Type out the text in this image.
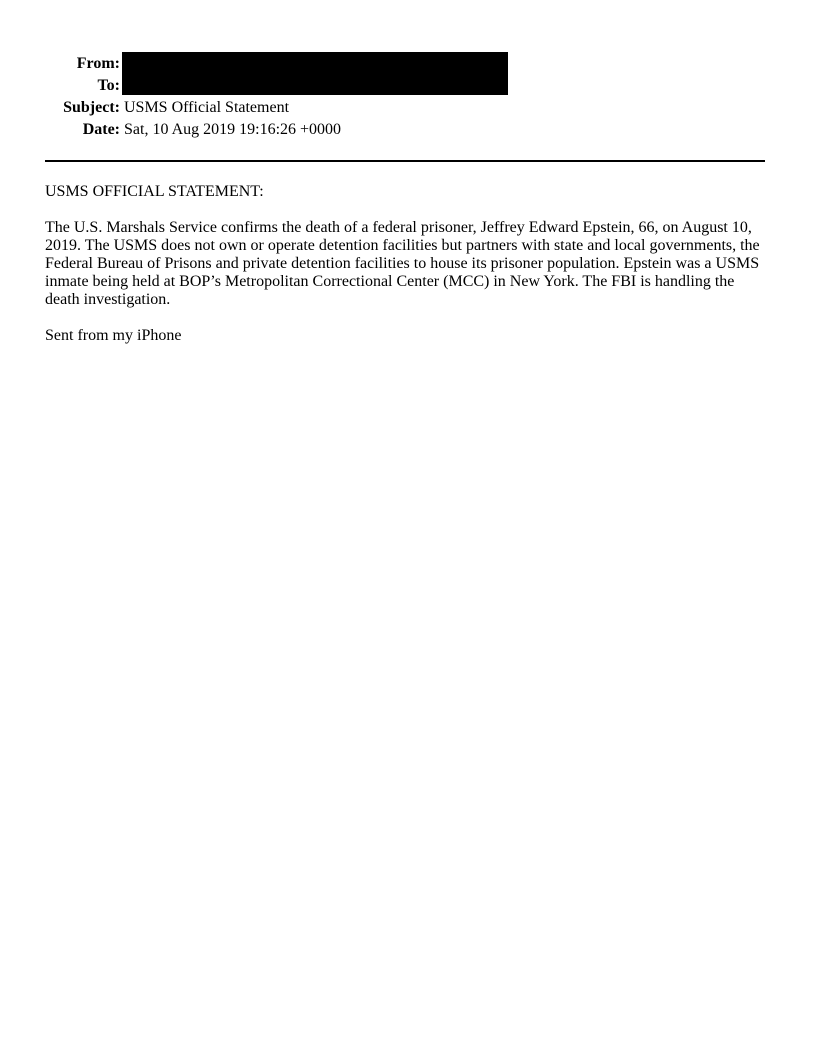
From:
To:
Subject: USMS Official Statement
Date: Sat, 10 Aug 2019 19:16:26 +0000
USMS OFFICIAL STATEMENT:
The U.S. Marshals Service confirms the death of a federal prisoner, Jeffrey Edward Epstein, 66, on August 10, 2019. The USMS does not own or operate detention facilities but partners with state and local governments, the Federal Bureau of Prisons and private detention facilities to house its prisoner population. Epstein was a USMS inmate being held at BOP’s Metropolitan Correctional Center (MCC) in New York. The FBI is handling the death investigation.
Sent from my iPhone
